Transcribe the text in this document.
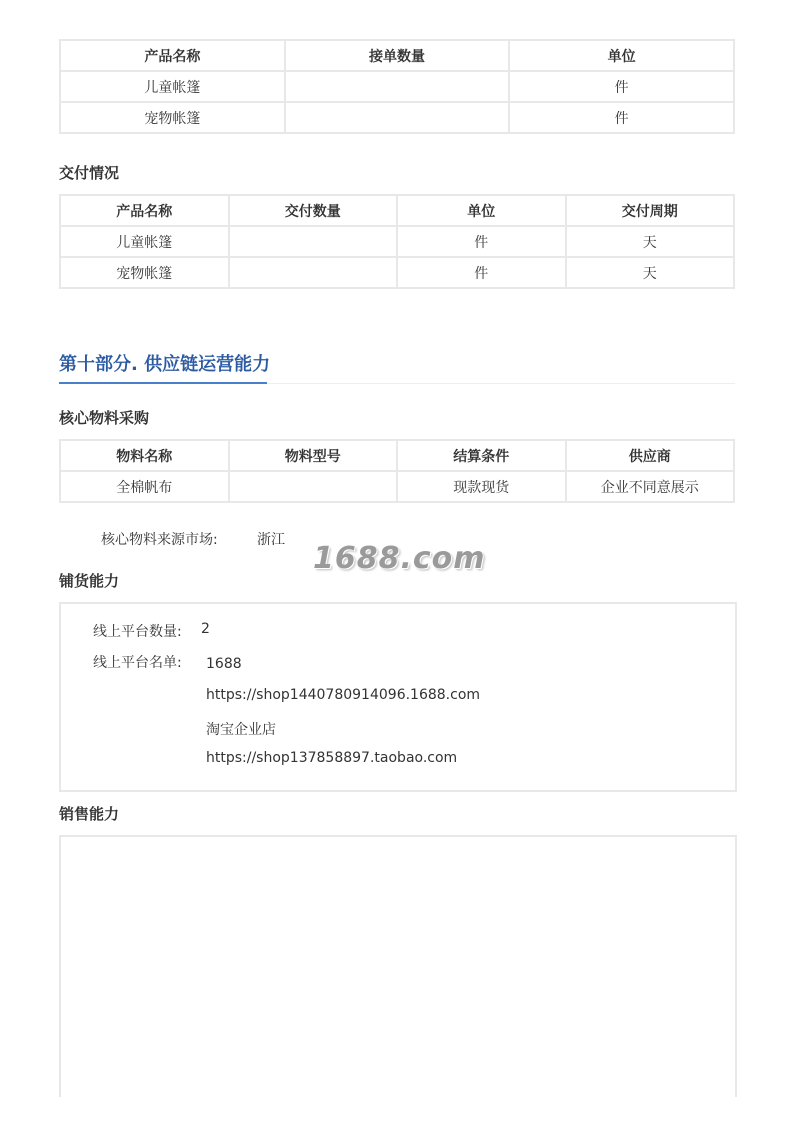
产品名称	接单数量	单位
儿童帐篷		件
宠物帐篷		件
交付情况
产品名称	交付数量	单位	交付周期
儿童帐篷		件	天
宠物帐篷		件	天
第十部分. 供应链运营能力
核心物料采购
物料名称	物料型号	结算条件	供应商
全棉帆布		现款现货	企业不同意展示
核心物料来源市场:	浙江
1688.com
铺货能力
线上平台数量: 2
线上平台名单: 1688
https://shop1440780914096.1688.com
淘宝企业店
https://shop137858897.taobao.com
销售能力
